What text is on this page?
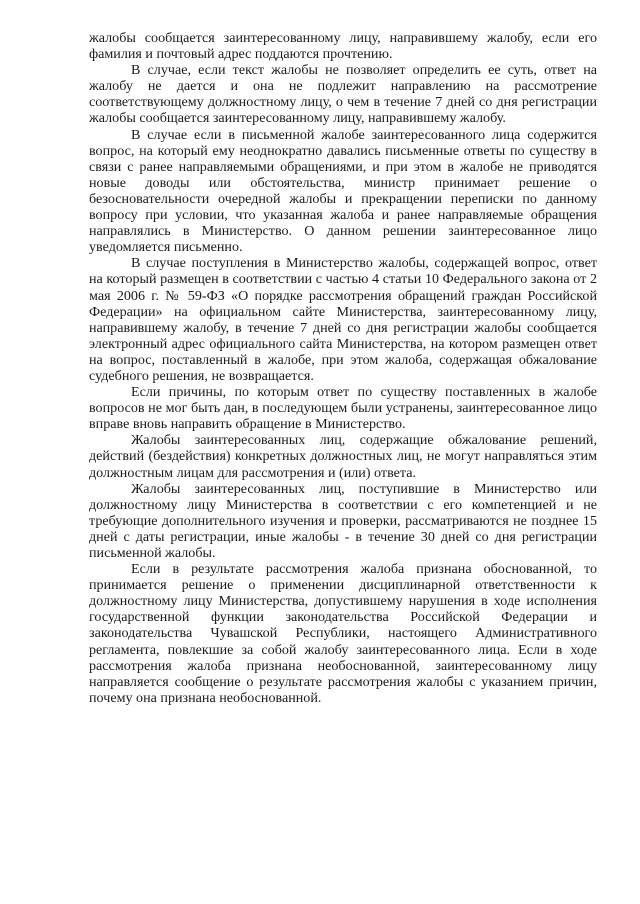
жалобы сообщается заинтересованному лицу, направившему жалобу, если его фамилия и почтовый адрес поддаются прочтению.

В случае, если текст жалобы не позволяет определить ее суть, ответ на жалобу не дается и она не подлежит направлению на рассмотрение соответствующему должностному лицу, о чем в течение 7 дней со дня регистрации жалобы сообщается заинтересованному лицу, направившему жалобу.

В случае если в письменной жалобе заинтересованного лица содержится вопрос, на который ему неоднократно давались письменные ответы по существу в связи с ранее направляемыми обращениями, и при этом в жалобе не приводятся новые доводы или обстоятельства, министр принимает решение о безосновательности очередной жалобы и прекращении переписки по данному вопросу при условии, что указанная жалоба и ранее направляемые обращения направлялись в Министерство. О данном решении заинтересованное лицо уведомляется письменно.

В случае поступления в Министерство жалобы, содержащей вопрос, ответ на который размещен в соответствии с частью 4 статьи 10 Федерального закона от 2 мая 2006 г. № 59-ФЗ «О порядке рассмотрения обращений граждан Российской Федерации» на официальном сайте Министерства, заинтересованному лицу, направившему жалобу, в течение 7 дней со дня регистрации жалобы сообщается электронный адрес официального сайта Министерства, на котором размещен ответ на вопрос, поставленный в жалобе, при этом жалоба, содержащая обжалование судебного решения, не возвращается.

Если причины, по которым ответ по существу поставленных в жалобе вопросов не мог быть дан, в последующем были устранены, заинтересованное лицо вправе вновь направить обращение в Министерство.

Жалобы заинтересованных лиц, содержащие обжалование решений, действий (бездействия) конкретных должностных лиц, не могут направляться этим должностным лицам для рассмотрения и (или) ответа.

Жалобы заинтересованных лиц, поступившие в Министерство или должностному лицу Министерства в соответствии с его компетенцией и не требующие дополнительного изучения и проверки, рассматриваются не позднее 15 дней с даты регистрации, иные жалобы - в течение 30 дней со дня регистрации письменной жалобы.

Если в результате рассмотрения жалоба признана обоснованной, то принимается решение о применении дисциплинарной ответственности к должностному лицу Министерства, допустившему нарушения в ходе исполнения государственной функции законодательства Российской Федерации и законодательства Чувашской Республики, настоящего Административного регламента, повлекшие за собой жалобу заинтересованного лица. Если в ходе рассмотрения жалоба признана необоснованной, заинтересованному лицу направляется сообщение о результате рассмотрения жалобы с указанием причин, почему она признана необоснованной.
